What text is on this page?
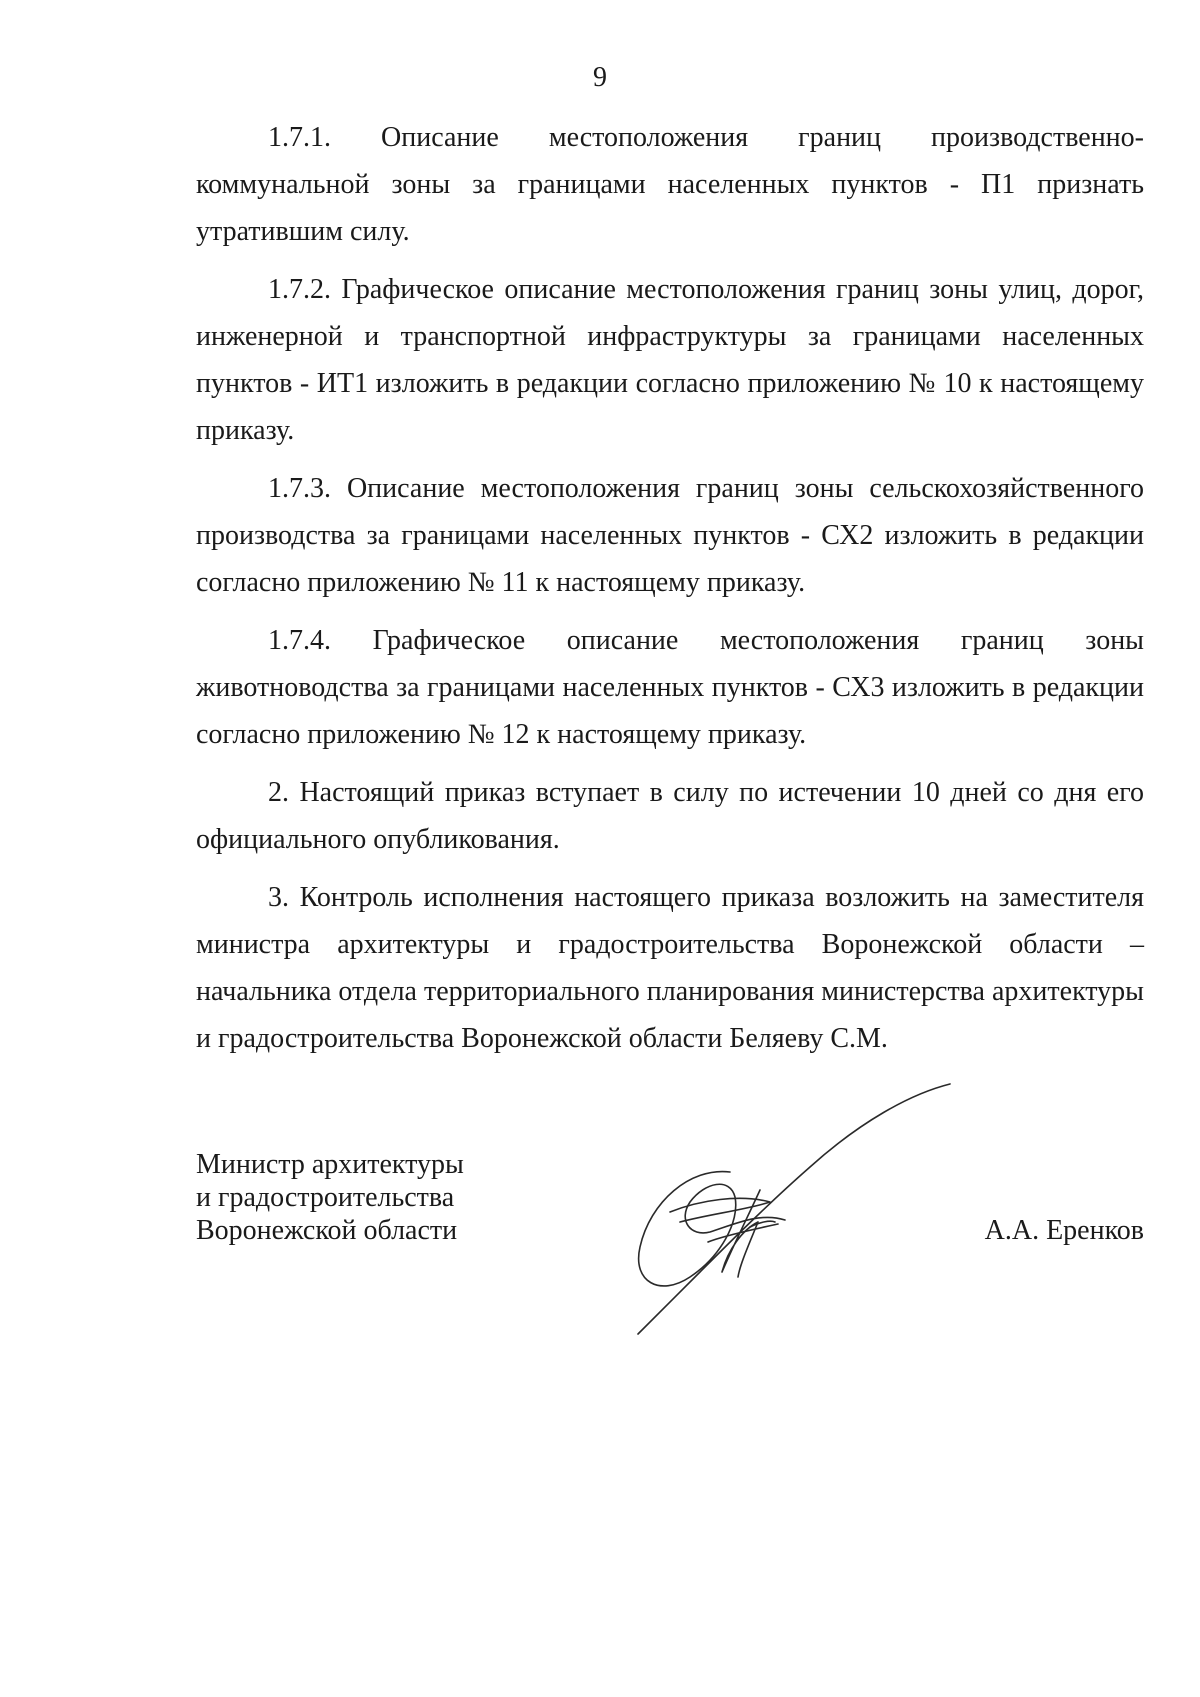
9

1.7.1. Описание местоположения границ производственно-коммунальной зоны за границами населенных пунктов - П1 признать утратившим силу.

1.7.2. Графическое описание местоположения границ зоны улиц, дорог, инженерной и транспортной инфраструктуры за границами населенных пунктов - ИТ1 изложить в редакции согласно приложению № 10 к настоящему приказу.

1.7.3. Описание местоположения границ зоны сельскохозяйственного производства за границами населенных пунктов - СХ2 изложить в редакции согласно приложению № 11 к настоящему приказу.

1.7.4. Графическое описание местоположения границ зоны животноводства за границами населенных пунктов - СХ3 изложить в редакции согласно приложению № 12 к настоящему приказу.

2. Настоящий приказ вступает в силу по истечении 10 дней со дня его официального опубликования.

3. Контроль исполнения настоящего приказа возложить на заместителя министра архитектуры и градостроительства Воронежской области – начальника отдела территориального планирования министерства архитектуры и градостроительства Воронежской области Беляеву С.М.

Министр архитектуры
и градостроительства
Воронежской области	А.А. Еренков
